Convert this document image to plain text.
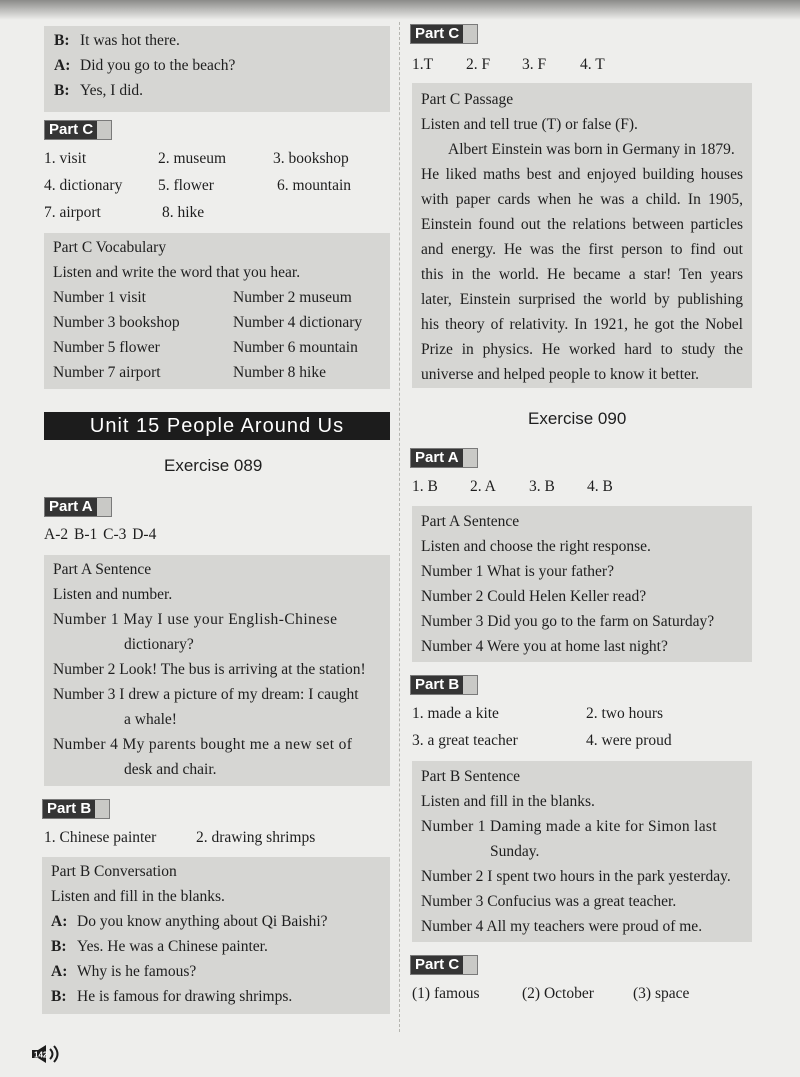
B: It was hot there.
A: Did you go to the beach?
B: Yes, I did.
Part C
1. visit	2. museum	3. bookshop
4. dictionary 5. flower	6. mountain
7. airport	8. hike
Part C Vocabulary
Listen and write the word that you hear.
Number 1 visit	Number 2 museum
Number 3 bookshop	Number 4 dictionary
Number 5 flower	Number 6 mountain
Number 7 airport	Number 8 hike
Unit 15 People Around Us
Exercise 089
Part A
A-2 B-1 C-3 D-4
Part A Sentence
Listen and number.
Number 1 May I use your English-Chinese
dictionary?
Number 2 Look! The bus is arriving at the station!
Number 3 I drew a picture of my dream: I caught
a whale!
Number 4 My parents bought me a new set of
desk and chair.
Part B
1. Chinese painter	2. drawing shrimps
Part B Conversation
Listen and fill in the blanks.
A: Do you know anything about Qi Baishi?
B: Yes. He was a Chinese painter.
A: Why is he famous?
B: He is famous for drawing shrimps.
Part C
1.T 2. F 3. F 4. T
Part C Passage
Listen and tell true (T) or false (F).
Albert Einstein was born in Germany in 1879.
He liked maths best and enjoyed building houses
with paper cards when he was a child. In 1905,
Einstein found out the relations between particles
and energy. He was the first person to find out
this in the world. He became a star! Ten years
later, Einstein surprised the world by publishing
his theory of relativity. In 1921, he got the Nobel
Prize in physics. He worked hard to study the
universe and helped people to know it better.
Exercise 090
Part A
1. B 2. A 3. B 4. B
Part A Sentence
Listen and choose the right response.
Number 1 What is your father?
Number 2 Could Helen Keller read?
Number 3 Did you go to the farm on Saturday?
Number 4 Were you at home last night?
Part B
1. made a kite	2. two hours
3. a great teacher	4. were proud
Part B Sentence
Listen and fill in the blanks.
Number 1 Daming made a kite for Simon last
Sunday.
Number 2 I spent two hours in the park yesterday.
Number 3 Confucius was a great teacher.
Number 4 All my teachers were proud of me.
Part C
(1) famous	(2) October	(3) space
142
